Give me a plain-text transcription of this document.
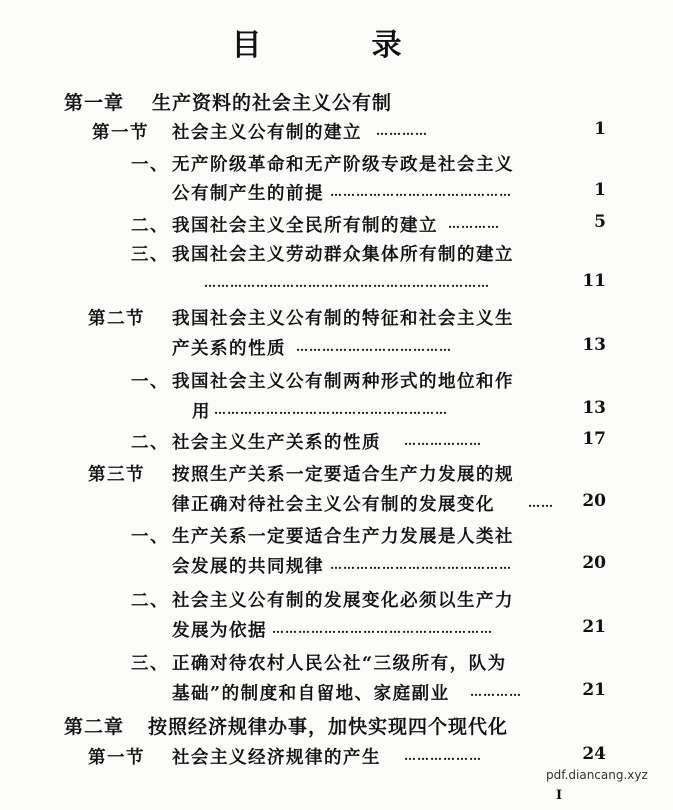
目　录
第一章 生产资料的社会主义公有制
第一节 社会主义公有制的建立 …………	1
一、 无产阶级革命和无产阶级专政是社会主义
公有制产生的前提 ……………………………………	1
二、 我国社会主义全民所有制的建立 …………	5
三、 我国社会主义劳动群众集体所有制的建立
…………………………………………………………	11
第二节 我国社会主义公有制的特征和社会主义生
产关系的性质 ………………………………	13
一、 我国社会主义公有制两种形式的地位和作
用 ………………………………………………	13
二、 社会主义生产关系的性质 ………………	17
第三节 按照生产关系一定要适合生产力发展的规
律正确对待社会主义公有制的发展变化	……	20
一、 生产关系一定要适合生产力发展是人类社
会发展的共同规律 ……………………………………	20
二、 社会主义公有制的发展变化必须以生产力
发展为依据 ……………………………………………	21
三、 正确对待农村人民公社“三级所有，队为
基础”的制度和自留地、家庭副业 …………	21
第二章 按照经济规律办事，加快实现四个现代化
第一节 社会主义经济规律的产生 ………………	24
pdf.diancang.xyz
I
